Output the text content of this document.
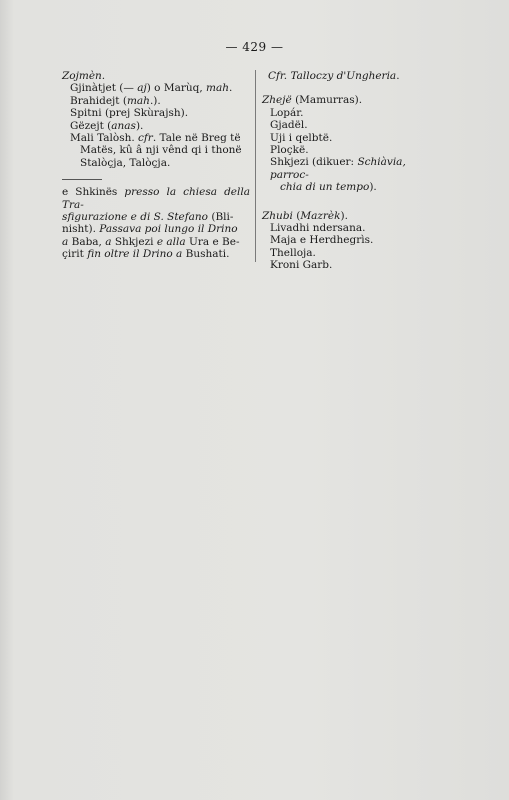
— 429 —

Zojmèn.

Gjinàtjet (— aj) o Marùq, mah.

Brahidejt (mah.).

Spitni (prej Skùrajsh).

Gëzejt (anas).

Mali Talòsh. cfr. Tale në Breg të

Matës, kû â nji vênd qi i thonë

Stalòçja, Talòçja.

e Shkinës presso la chiesa della Tra-

sfigurazione e di S. Stefano (Bli-

nisht). Passava poi lungo il Drino

a Baba, a Shkjezi e alla Ura e Be-

çirit fin oltre il Drino a Bushati.

Cfr. Talloczy d'Ungheria.

Zhejë (Mamurras).

Lopár.

Gjadël.

Uji i qelbtë.

Ploçkë.

Shkjezi (dikuer: Schiàvia, parroc-

chia di un tempo).

Zhubi (Mazrèk).

Livadhi ndersana.

Maja e Herdhegrìs.

Thelloja.

Kroni Garb.
